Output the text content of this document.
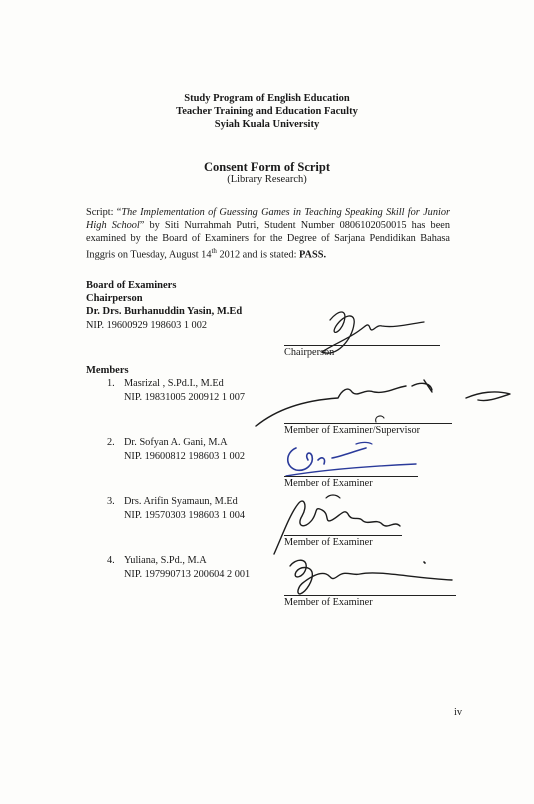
Study Program of English Education
Teacher Training and Education Faculty
Syiah Kuala University
Consent Form of Script
(Library Research)
Script: “The Implementation of Guessing Games in Teaching Speaking Skill for Junior High School” by Siti Nurrahmah Putri, Student Number 0806102050015 has been examined by the Board of Examiners for the Degree of Sarjana Pendidikan Bahasa Inggris on Tuesday, August 14th 2012 and is stated: PASS.
Board of Examiners
Chairperson
Dr. Drs. Burhanuddin Yasin, M.Ed
NIP. 19600929 198603 1 002
Chairperson
Members
1. Masrizal , S.Pd.I., M.Ed
NIP. 19831005 200912 1 007
Member of Examiner/Supervisor
2. Dr. Sofyan A. Gani, M.A
NIP. 19600812 198603 1 002
Member of Examiner
3. Drs. Arifin Syamaun, M.Ed
NIP. 19570303 198603 1 004
Member of Examiner
4. Yuliana, S.Pd., M.A
NIP. 197990713 200604 2 001
Member of Examiner
iv
